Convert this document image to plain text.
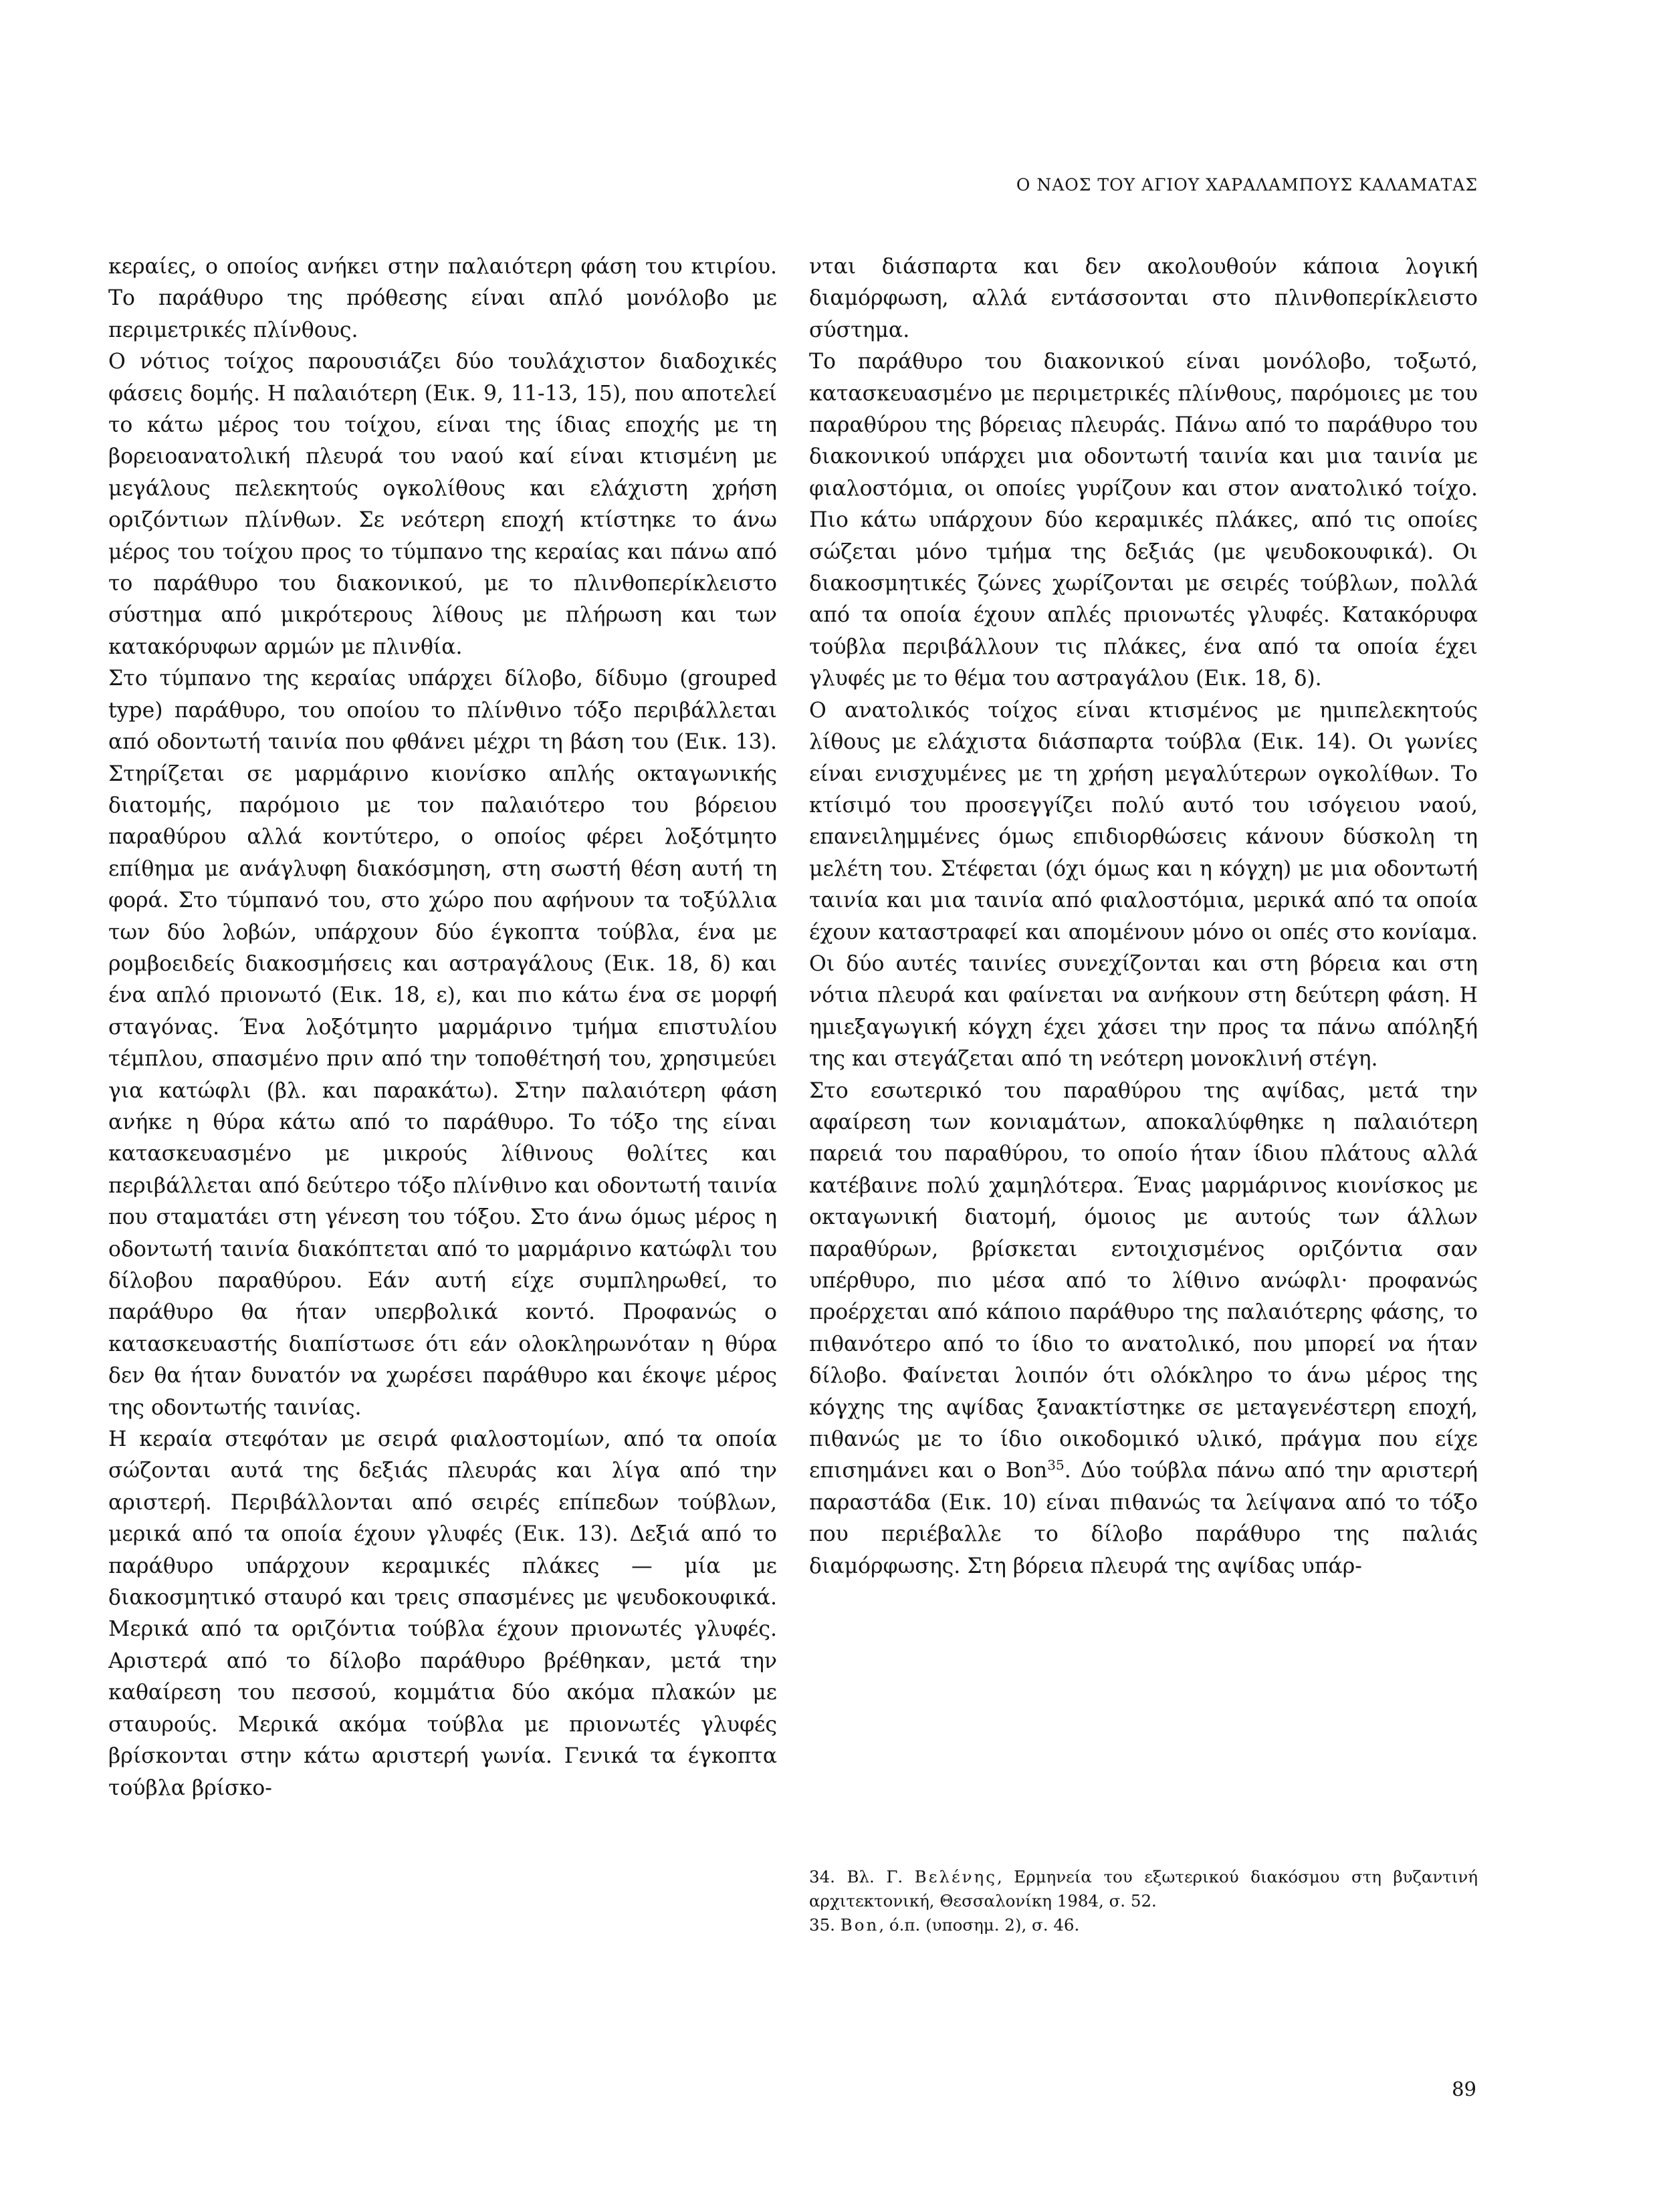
Ο ΝΑΟΣ ΤΟΥ ΑΓΙΟΥ ΧΑΡΑΛΑΜΠΟΥΣ ΚΑΛΑΜΑΤΑΣ

κεραίες, ο οποίος ανήκει στην παλαιότερη φάση του κτιρίου. Το παράθυρο της πρόθεσης είναι απλό μονόλοβο με περιμετρικές πλίνθους.

Ο νότιος τοίχος παρουσιάζει δύο τουλάχιστον διαδοχικές φάσεις δομής. Η παλαιότερη (Εικ. 9, 11-13, 15), που αποτελεί το κάτω μέρος του τοίχου, είναι της ίδιας εποχής με τη βορειοανατολική πλευρά του ναού καί είναι κτισμένη με μεγάλους πελεκητούς ογκολίθους και ελάχιστη χρήση οριζόντιων πλίνθων. Σε νεότερη εποχή κτίστηκε το άνω μέρος του τοίχου προς το τύμπανο της κεραίας και πάνω από το παράθυρο του διακονικού, με το πλινθοπερίκλειστο σύστημα από μικρότερους λίθους με πλήρωση και των κατακόρυφων αρμών με πλινθία.

Στο τύμπανο της κεραίας υπάρχει δίλοβο, δίδυμο (grouped type) παράθυρο, του οποίου το πλίνθινο τόξο περιβάλλεται από οδοντωτή ταινία που φθάνει μέχρι τη βάση του (Εικ. 13). Στηρίζεται σε μαρμάρινο κιονίσκο απλής οκταγωνικής διατομής, παρόμοιο με τον παλαιότερο του βόρειου παραθύρου αλλά κοντύτερο, ο οποίος φέρει λοξότμητο επίθημα με ανάγλυφη διακόσμηση, στη σωστή θέση αυτή τη φορά. Στο τύμπανό του, στο χώρο που αφήνουν τα τοξύλλια των δύο λοβών, υπάρχουν δύο έγκοπτα τούβλα, ένα με ρομβοειδείς διακοσμήσεις και αστραγάλους (Εικ. 18, δ) και ένα απλό πριονωτό (Εικ. 18, ε), και πιο κάτω ένα σε μορφή σταγόνας. Ένα λοξότμητο μαρμάρινο τμήμα επιστυλίου τέμπλου, σπασμένο πριν από την τοποθέτησή του, χρησιμεύει για κατώφλι (βλ. και παρακάτω). Στην παλαιότερη φάση ανήκε η θύρα κάτω από το παράθυρο. Το τόξο της είναι κατασκευασμένο με μικρούς λίθινους θολίτες και περιβάλλεται από δεύτερο τόξο πλίνθινο και οδοντωτή ταινία που σταματάει στη γένεση του τόξου. Στο άνω όμως μέρος η οδοντωτή ταινία διακόπτεται από το μαρμάρινο κατώφλι του δίλοβου παραθύρου. Εάν αυτή είχε συμπληρωθεί, το παράθυρο θα ήταν υπερβολικά κοντό. Προφανώς ο κατασκευαστής διαπίστωσε ότι εάν ολοκληρωνόταν η θύρα δεν θα ήταν δυνατόν να χωρέσει παράθυρο και έκοψε μέρος της οδοντωτής ταινίας.

Η κεραία στεφόταν με σειρά φιαλοστομίων, από τα οποία σώζονται αυτά της δεξιάς πλευράς και λίγα από την αριστερή. Περιβάλλονται από σειρές επίπεδων τούβλων, μερικά από τα οποία έχουν γλυφές (Εικ. 13). Δεξιά από το παράθυρο υπάρχουν κεραμικές πλάκες — μία με διακοσμητικό σταυρό και τρεις σπασμένες με ψευδοκουφικά. Μερικά από τα οριζόντια τούβλα έχουν πριονωτές γλυφές. Αριστερά από το δίλοβο παράθυρο βρέθηκαν, μετά την καθαίρεση του πεσσού, κομμάτια δύο ακόμα πλακών με σταυρούς. Μερικά ακόμα τούβλα με πριονωτές γλυφές βρίσκονται στην κάτω αριστερή γωνία. Γενικά τα έγκοπτα τούβλα βρίσκο-

νται διάσπαρτα και δεν ακολουθούν κάποια λογική διαμόρφωση, αλλά εντάσσονται στο πλινθοπερίκλειστο σύστημα.

Το παράθυρο του διακονικού είναι μονόλοβο, τοξωτό, κατασκευασμένο με περιμετρικές πλίνθους, παρόμοιες με του παραθύρου της βόρειας πλευράς. Πάνω από το παράθυρο του διακονικού υπάρχει μια οδοντωτή ταινία και μια ταινία με φιαλοστόμια, οι οποίες γυρίζουν και στον ανατολικό τοίχο. Πιο κάτω υπάρχουν δύο κεραμικές πλάκες, από τις οποίες σώζεται μόνο τμήμα της δεξιάς (με ψευδοκουφικά). Οι διακοσμητικές ζώνες χωρίζονται με σειρές τούβλων, πολλά από τα οποία έχουν απλές πριονωτές γλυφές. Κατακόρυφα τούβλα περιβάλλουν τις πλάκες, ένα από τα οποία έχει γλυφές με το θέμα του αστραγάλου (Εικ. 18, δ).

Ο ανατολικός τοίχος είναι κτισμένος με ημιπελεκητούς λίθους με ελάχιστα διάσπαρτα τούβλα (Εικ. 14). Οι γωνίες είναι ενισχυμένες με τη χρήση μεγαλύτερων ογκολίθων. Το κτίσιμό του προσεγγίζει πολύ αυτό του ισόγειου ναού, επανειλημμένες όμως επιδιορθώσεις κάνουν δύσκολη τη μελέτη του. Στέφεται (όχι όμως και η κόγχη) με μια οδοντωτή ταινία και μια ταινία από φιαλοστόμια, μερικά από τα οποία έχουν καταστραφεί και απομένουν μόνο οι οπές στο κονίαμα. Οι δύο αυτές ταινίες συνεχίζονται και στη βόρεια και στη νότια πλευρά και φαίνεται να ανήκουν στη δεύτερη φάση. Η ημιεξαγωγική κόγχη έχει χάσει την προς τα πάνω απόληξή της και στεγάζεται από τη νεότερη μονοκλινή στέγη.

Στο εσωτερικό του παραθύρου της αψίδας, μετά την αφαίρεση των κονιαμάτων, αποκαλύφθηκε η παλαιότερη παρειά του παραθύρου, το οποίο ήταν ίδιου πλάτους αλλά κατέβαινε πολύ χαμηλότερα. Ένας μαρμάρινος κιονίσκος με οκταγωνική διατομή, όμοιος με αυτούς των άλλων παραθύρων, βρίσκεται εντοιχισμένος οριζόντια σαν υπέρθυρο, πιο μέσα από το λίθινο ανώφλι· προφανώς προέρχεται από κάποιο παράθυρο της παλαιότερης φάσης, το πιθανότερο από το ίδιο το ανατολικό, που μπορεί να ήταν δίλοβο. Φαίνεται λοιπόν ότι ολόκληρο το άνω μέρος της κόγχης της αψίδας ξανακτίστηκε σε μεταγενέστερη εποχή, πιθανώς με το ίδιο οικοδομικό υλικό, πράγμα που είχε επισημάνει και ο Bon$^{35}$. Δύο τούβλα πάνω από την αριστερή παραστάδα (Εικ. 10) είναι πιθανώς τα λείψανα από το τόξο που περιέβαλλε το δίλοβο παράθυρο της παλιάς διαμόρφωσης. Στη βόρεια πλευρά της αψίδας υπάρ-

34. Βλ. Γ. Βελένης, Ερμηνεία του εξωτερικού διακόσμου στη βυζαντινή αρχιτεκτονική, Θεσσαλονίκη 1984, σ. 52.

35. Bon, ό.π. (υποσημ. 2), σ. 46.

89
